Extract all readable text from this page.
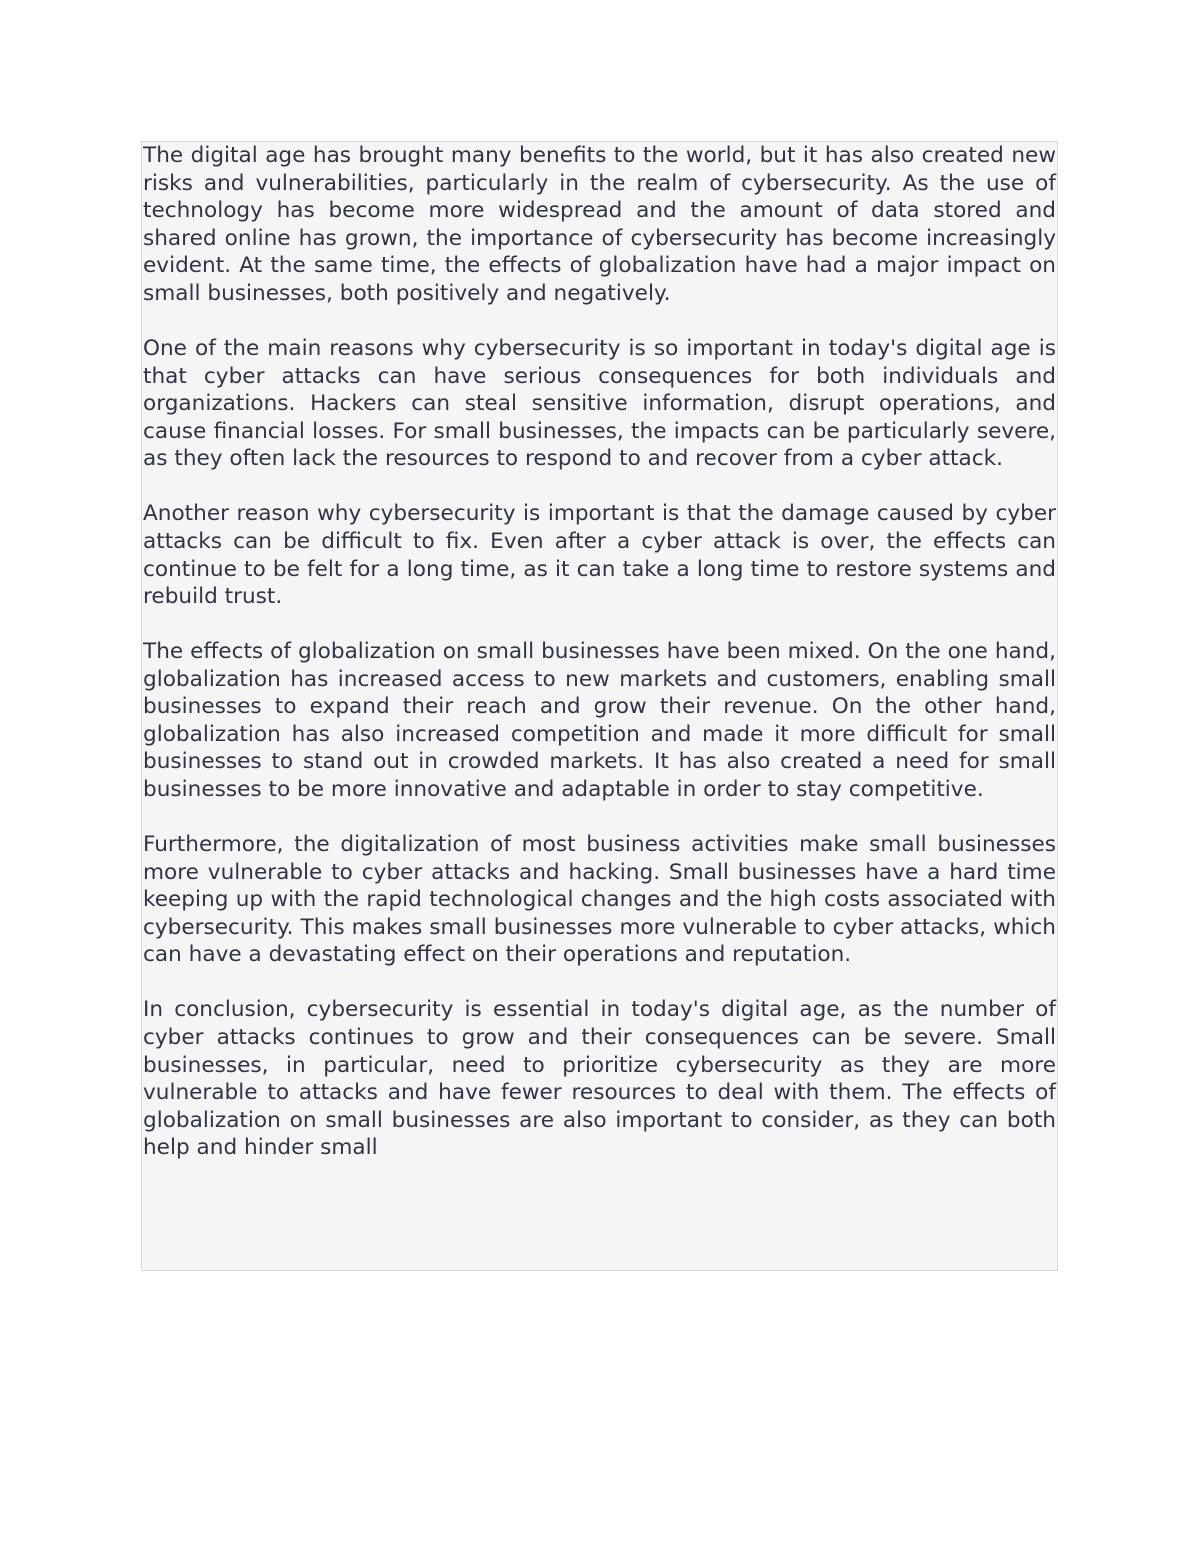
The digital age has brought many benefits to the world, but it has also created new risks and vulnerabilities, particularly in the realm of cybersecurity. As the use of technology has become more widespread and the amount of data stored and shared online has grown, the importance of cybersecurity has become increasingly evident. At the same time, the effects of globalization have had a major impact on small businesses, both positively and negatively.

One of the main reasons why cybersecurity is so important in today's digital age is that cyber attacks can have serious consequences for both individuals and organizations. Hackers can steal sensitive information, disrupt operations, and cause financial losses. For small businesses, the impacts can be particularly severe, as they often lack the resources to respond to and recover from a cyber attack.

Another reason why cybersecurity is important is that the damage caused by cyber attacks can be difficult to fix. Even after a cyber attack is over, the effects can continue to be felt for a long time, as it can take a long time to restore systems and rebuild trust.

The effects of globalization on small businesses have been mixed. On the one hand, globalization has increased access to new markets and customers, enabling small businesses to expand their reach and grow their revenue. On the other hand, globalization has also increased competition and made it more difficult for small businesses to stand out in crowded markets. It has also created a need for small businesses to be more innovative and adaptable in order to stay competitive.

Furthermore, the digitalization of most business activities make small businesses more vulnerable to cyber attacks and hacking. Small businesses have a hard time keeping up with the rapid technological changes and the high costs associated with cybersecurity. This makes small businesses more vulnerable to cyber attacks, which can have a devastating effect on their operations and reputation.

In conclusion, cybersecurity is essential in today's digital age, as the number of cyber attacks continues to grow and their consequences can be severe. Small businesses, in particular, need to prioritize cybersecurity as they are more vulnerable to attacks and have fewer resources to deal with them. The effects of globalization on small businesses are also important to consider, as they can both help and hinder small
